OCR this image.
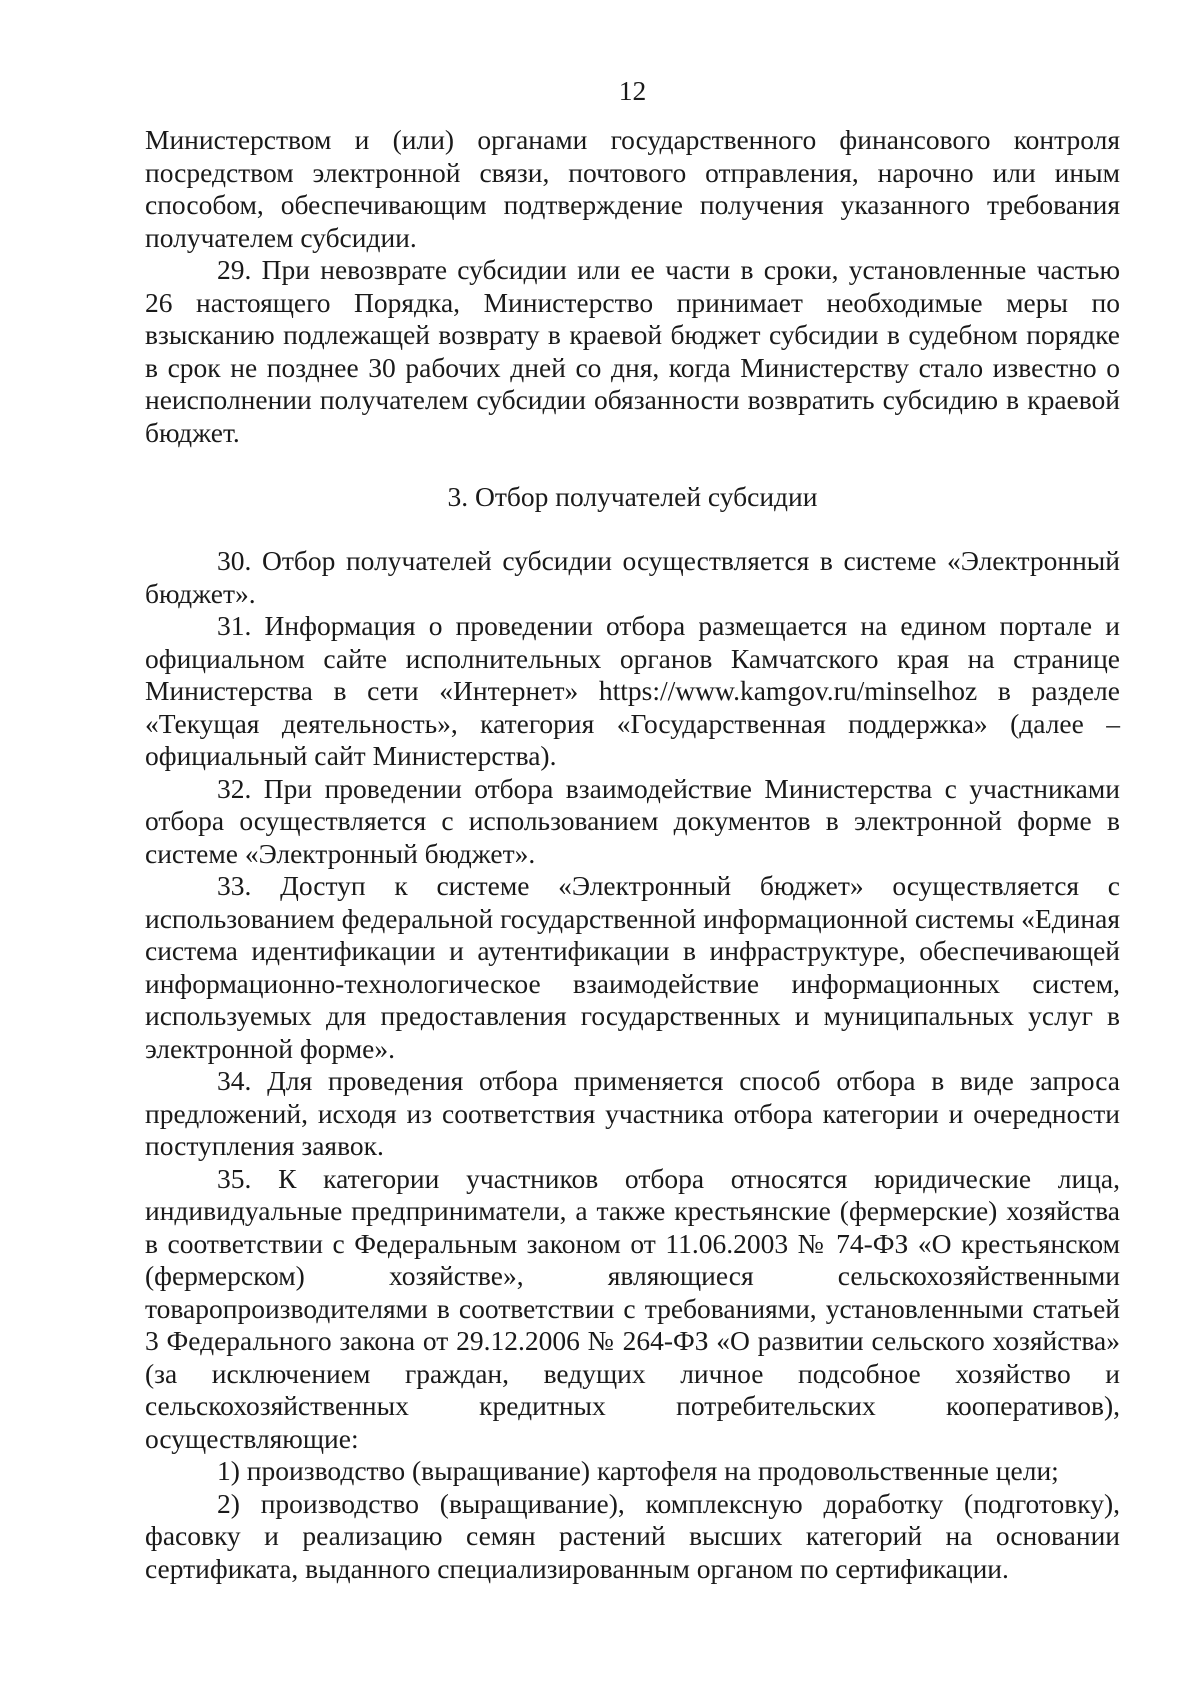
12

Министерством и (или) органами государственного финансового контроля посредством электронной связи, почтового отправления, нарочно или иным способом, обеспечивающим подтверждение получения указанного требования получателем субсидии.

29. При невозврате субсидии или ее части в сроки, установленные частью 26 настоящего Порядка, Министерство принимает необходимые меры по взысканию подлежащей возврату в краевой бюджет субсидии в судебном порядке в срок не позднее 30 рабочих дней со дня, когда Министерству стало известно о неисполнении получателем субсидии обязанности возвратить субсидию в краевой бюджет.

3. Отбор получателей субсидии

30. Отбор получателей субсидии осуществляется в системе «Электронный бюджет».

31. Информация о проведении отбора размещается на едином портале и официальном сайте исполнительных органов Камчатского края на странице Министерства в сети «Интернет» https://www.kamgov.ru/minselhoz в разделе «Текущая деятельность», категория «Государственная поддержка» (далее – официальный сайт Министерства).

32. При проведении отбора взаимодействие Министерства с участниками отбора осуществляется с использованием документов в электронной форме в системе «Электронный бюджет».

33. Доступ к системе «Электронный бюджет» осуществляется с использованием федеральной государственной информационной системы «Единая система идентификации и аутентификации в инфраструктуре, обеспечивающей информационно-технологическое взаимодействие информационных систем, используемых для предоставления государственных и муниципальных услуг в электронной форме».

34. Для проведения отбора применяется способ отбора в виде запроса предложений, исходя из соответствия участника отбора категории и очередности поступления заявок.

35. К категории участников отбора относятся юридические лица, индивидуальные предприниматели, а также крестьянские (фермерские) хозяйства в соответствии с Федеральным законом от 11.06.2003 № 74-ФЗ «О крестьянском (фермерском) хозяйстве», являющиеся сельскохозяйственными товаропроизводителями в соответствии с требованиями, установленными статьей 3 Федерального закона от 29.12.2006 № 264-ФЗ «О развитии сельского хозяйства» (за исключением граждан, ведущих личное подсобное хозяйство и сельскохозяйственных кредитных потребительских кооперативов), осуществляющие:

1) производство (выращивание) картофеля на продовольственные цели;

2) производство (выращивание), комплексную доработку (подготовку), фасовку и реализацию семян растений высших категорий на основании сертификата, выданного специализированным органом по сертификации.
